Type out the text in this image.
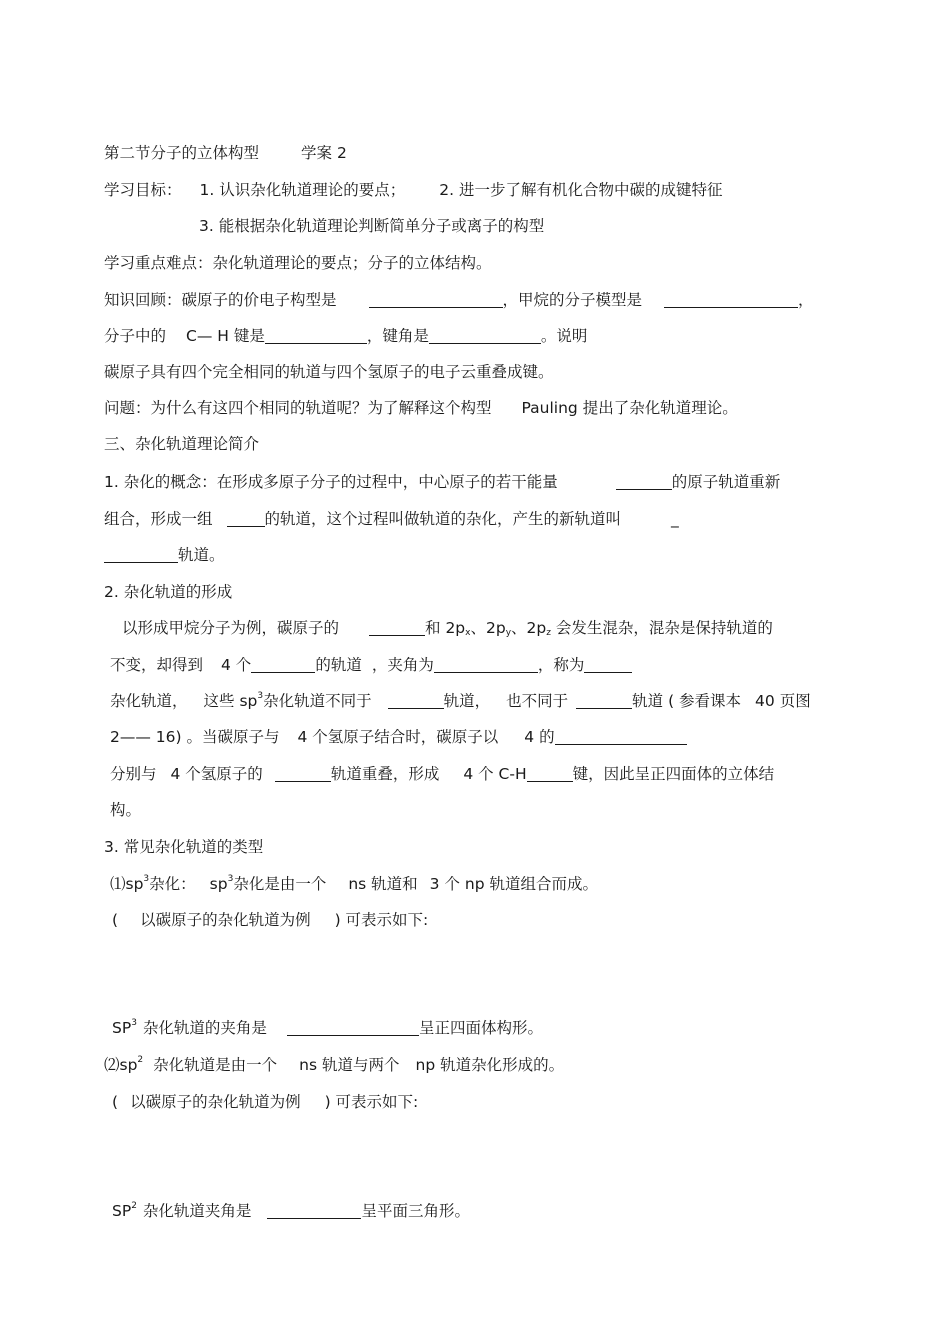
第二节分子的立体构型	学案 2
学习目标： 1. 认识杂化轨道理论的要点； 2. 进一步了解有机化合物中碳的成键特征
3. 能根据杂化轨道理论判断简单分子或离子的构型
学习重点难点：杂化轨道理论的要点；分子的立体结构。
知识回顾：碳原子的价电子构型是	，甲烷的分子模型是	，
分子中的 C— H 键是	，键角是	。说明
碳原子具有四个完全相同的轨道与四个氢原子的电子云重叠成键。
问题：为什么有这四个相同的轨道呢？为了解释这个构型 Pauling 提出了杂化轨道理论。
三、杂化轨道理论简介
1. 杂化的概念：在形成多原子分子的过程中，中心原子的若干能量	的原子轨道重新
组合，形成一组	的轨道，这个过程叫做轨道的杂化，产生的新轨道叫	_
轨道。
2. 杂化轨道的形成
以形成甲烷分子为例，碳原子的	和 $2p_x$、$2p_y$、$2p_z$ 会发生混杂，混杂是保持轨道的
不变，却得到 4 个	的轨道 ，夹角为	，称为
杂化轨道， 这些 $sp^3$杂化轨道不同于	轨道， 也不同于	轨道 ( 参看课本 40 页图
2—— 16) 。当碳原子与 4 个氢原子结合时，碳原子以 4 的
分别与 4 个氢原子的	轨道重叠，形成 4 个 C-H	键，因此呈正四面体的立体结
构。
3. 常见杂化轨道的类型
$⑴sp^3$杂化： $sp^3$杂化是由一个 ns 轨道和 3 个 np 轨道组合而成。
( 以碳原子的杂化轨道为例 ) 可表示如下:
$SP^3$ 杂化轨道的夹角是	呈正四面体构形。
$⑵sp^2$ 杂化轨道是由一个 ns 轨道与两个 np 轨道杂化形成的。
( 以碳原子的杂化轨道为例 ) 可表示如下:
$SP^2$ 杂化轨道夹角是	呈平面三角形。
